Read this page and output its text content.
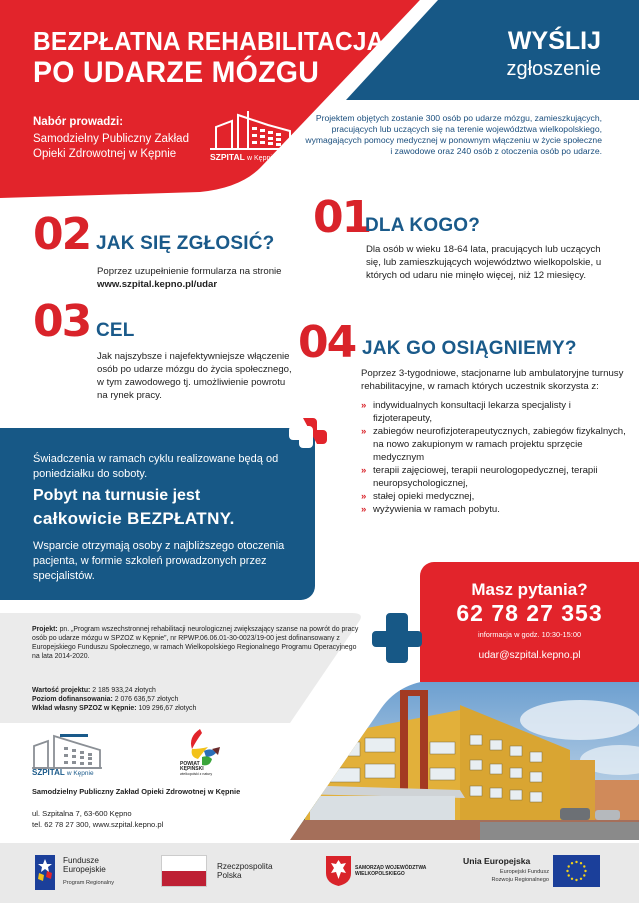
BEZPŁATNA REHABILITACJA
PO UDARZE MÓZGU
WYŚLIJ
zgłoszenie
Nabór prowadzi:
Samodzielny Publiczny Zakład Opieki Zdrowotnej w Kępnie	SZPITAL w Kępnie
Projektem objętych zostanie 300 osób po udarze mózgu, zamieszkujących, pracujących lub uczących się na terenie województwa wielkopolskiego, wymagających pomocy medycznej w ponownym włączeniu w życie społeczne i zawodowe oraz 240 osób z otoczenia osób po udarze.
01
DLA KOGO?
Dla osób w wieku 18-64 lata, pracujących lub uczących się, lub zamieszkujących województwo wielkopolskie, u których od udaru nie minęło więcej, niż 12 miesięcy.
02 JAK SIĘ ZGŁOSIĆ?
Poprzez uzupełnienie formularza na stronie
www.szpital.kepno.pl/udar
03 CEL
Jak najszybsze i najefektywniejsze włączenie osób po udarze mózgu do życia społecznego, w tym zawodowego tj. umożliwienie powrotu na rynek pracy.
04 JAK GO OSIĄGNIEMY?
Poprzez 3-tygodniowe, stacjonarne lub ambulatoryjne turnusy rehabilitacyjne, w ramach których uczestnik skorzysta z:
» indywidualnych konsultacji lekarza specjalisty i fizjoterapeuty,
» zabiegów neurofizjoterapeutycznych, zabiegów fizykalnych, na nowo zakupionym w ramach projektu sprzęcie medycznym
» terapii zajęciowej, terapii neurologopedycznej, terapii neuropsychologicznej,
» stałej opieki medycznej,
» wyżywienia w ramach pobytu.
Świadczenia w ramach cyklu realizowane będą od poniedziałku do soboty.
Pobyt na turnusie jest
całkowicie BEZPŁATNY.
Wsparcie otrzymają osoby z najbliższego otoczenia pacjenta, w formie szkoleń prowadzonych przez specjalistów.
Projekt: pn. „Program wszechstronnej rehabilitacji neurologicznej zwiększający szanse na powrót do pracy osób po udarze mózgu w SPZOZ w Kępnie”, nr RPWP.06.06.01-30-0023/19-00 jest dofinansowany z Europejskiego Funduszu Społecznego, w ramach Wielkopolskiego Regionalnego Programu Operacyjnego na lata 2014-2020.
Wartość projektu: 2 185 933,24 złotych
Poziom dofinansowania: 2 076 636,57 złotych
Wkład własny SPZOZ w Kępnie: 109 296,67 złotych
Masz pytania?
62 78 27 353
informacja w godz. 10:30-15:00
udar@szpital.kepno.pl
SZPITAL w Kępnie
POWIAT KĘPIŃSKI
wielkopolski z natury
Samodzielny Publiczny Zakład Opieki Zdrowotnej w Kępnie
ul. Szpitalna 7, 63-600 Kępno
tel. 62 78 27 300, www.szpital.kepno.pl
Fundusze
Europejskie
Program Regionalny
Rzeczpospolita
Polska
SAMORZĄD WOJEWÓDZTWA
WIELKOPOLSKIEGO
Unia Europejska
Europejski Fundusz
Rozwoju Regionalnego
